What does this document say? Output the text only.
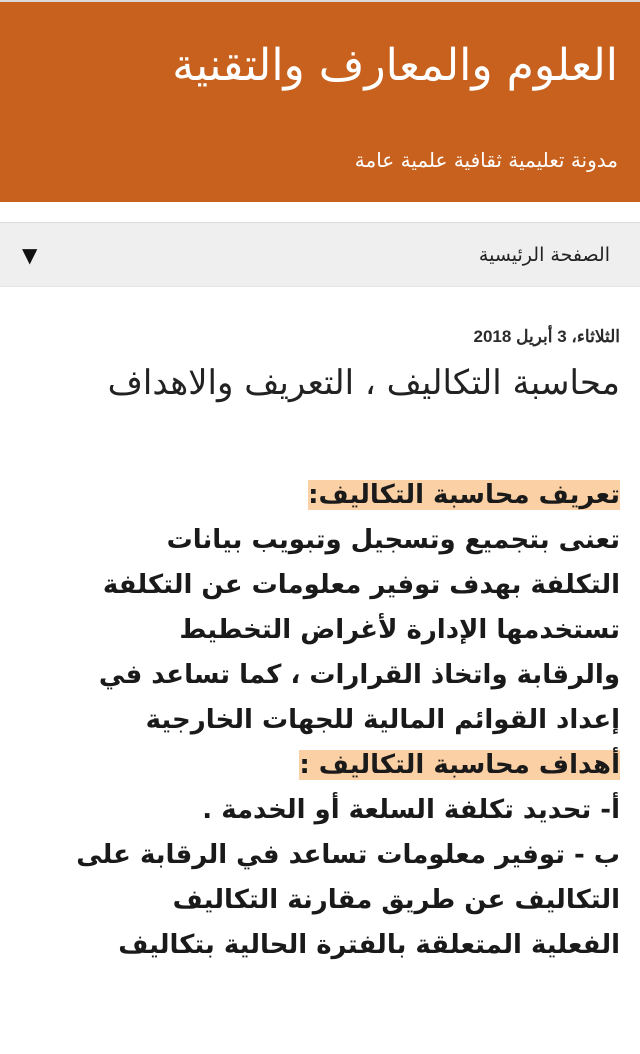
العلوم والمعارف والتقنية
مدونة تعليمية ثقافية علمية عامة
الصفحة الرئيسية
▼
الثلاثاء، 3 أبريل 2018
محاسبة التكاليف ، التعريف والاهداف
تعريف محاسبة التكاليف:
تعنى بتجميع وتسجيل وتبويب بيانات
التكلفة بهدف توفير معلومات عن التكلفة
تستخدمها الإدارة لأغراض التخطيط
والرقابة واتخاذ القرارات ، كما تساعد في
إعداد القوائم المالية للجهات الخارجية
أهداف محاسبة التكاليف :
أ- تحديد تكلفة السلعة أو الخدمة .
ب - توفير معلومات تساعد في الرقابة على
التكاليف عن طريق مقارنة التكاليف
الفعلية المتعلقة بالفترة الحالية بتكاليف
